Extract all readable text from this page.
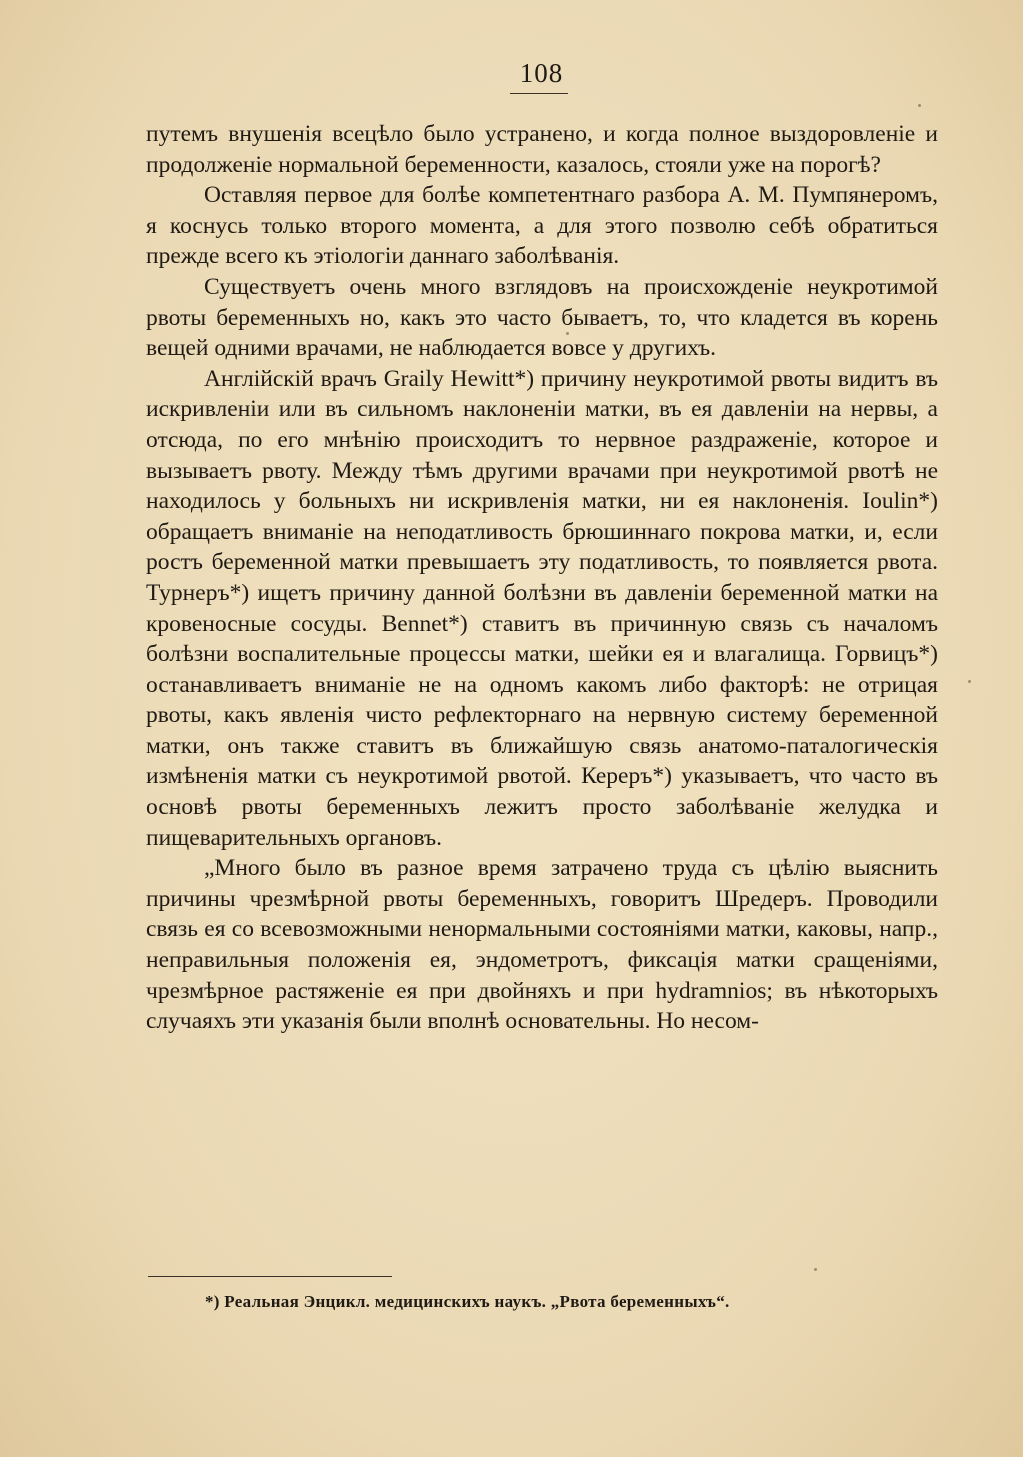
108

путемъ внушенія всецѣло было устранено, и когда полное выздоровленіе и продолженіе нормальной беременности, казалось, стояли уже на порогѣ?

Оставляя первое для болѣе компетентнаго разбора А. М. Пумпянеромъ, я коснусь только второго момента, а для этого позволю себѣ обратиться прежде всего къ этіологіи даннаго заболѣванія.

Существуетъ очень много взглядовъ на происхожденіе неукротимой рвоты беременныхъ но, какъ это часто бываетъ, то, что кладется въ корень вещей одними врачами, не наблюдается вовсе у другихъ.

Англійскій врачъ Graily Hewitt*) причину неукротимой рвоты видитъ въ искривленіи или въ сильномъ наклоненіи матки, въ ея давленіи на нервы, а отсюда, по его мнѣнію происходитъ то нервное раздраженіе, которое и вызываетъ рвоту. Между тѣмъ другими врачами при неукротимой рвотѣ не находилось у больныхъ ни искривленія матки, ни ея наклоненія. Ioulin*) обращаетъ вниманіе на неподатливость брюшиннаго покрова матки, и, если ростъ беременной матки превышаетъ эту податливость, то появляется рвота. Турнеръ*) ищетъ причину данной болѣзни въ давленіи беременной матки на кровеносные сосуды. Bennet*) ставитъ въ причинную связь съ началомъ болѣзни воспалительные процессы матки, шейки ея и влагалища. Горвицъ*) останавливаетъ вниманіе не на одномъ какомъ либо факторѣ: не отрицая рвоты, какъ явленія чисто рефлекторнаго на нервную систему беременной матки, онъ также ставитъ въ ближайшую связь анатомо-паталогическія измѣненія матки съ неукротимой рвотой. Кереръ*) указываетъ, что часто въ основѣ рвоты беременныхъ лежитъ просто заболѣваніе желудка и пищеварительныхъ органовъ.

„Много было въ разное время затрачено труда съ цѣлію выяснить причины чрезмѣрной рвоты беременныхъ, говоритъ Шредеръ. Проводили связь ея со всевозможными ненормальными состояніями матки, каковы, напр., неправильныя положенія ея, эндометротъ, фиксація матки сращеніями, чрезмѣрное растяженіе ея при двойняхъ и при hydramnios; въ нѣкоторыхъ случаяхъ эти указанія были вполнѣ основательны. Но несом-

*) Реальная Энцикл. медицинскихъ наукъ. „Рвота беременныхъ“.
